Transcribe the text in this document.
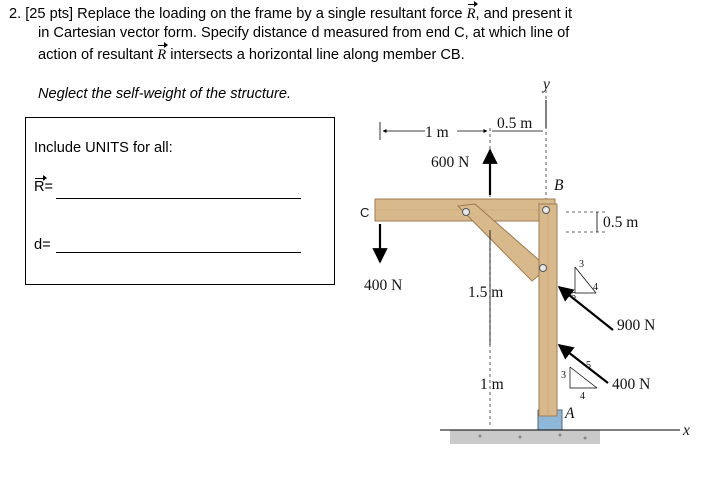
2. [25 pts] Replace the loading on the frame by a single resultant force R, and present it
in Cartesian vector form. Specify distance d measured from end C, at which line of
action of resultant R intersects a horizontal line along member CB.
Neglect the self-weight of the structure.
Include UNITS for all:
R=
d=
y
x
1 m
0.5 m
600 N
400 N
C
B
A
0.5 m
1.5 m
1 m
900 N
3
4
5
400 N
3
4
5
